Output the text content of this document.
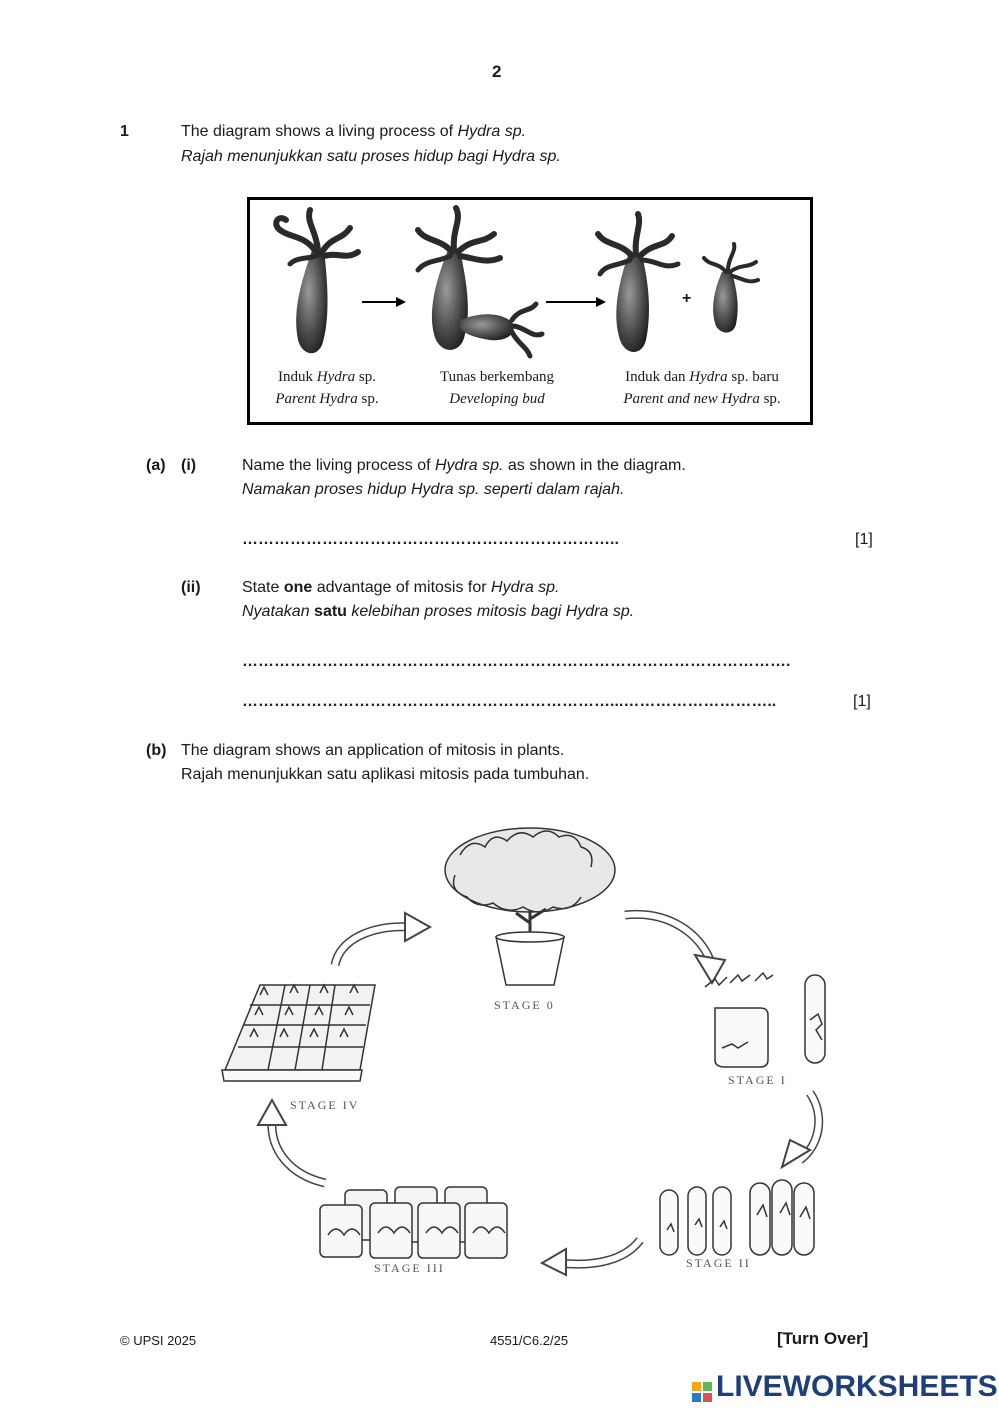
2
1	The diagram shows a living process of Hydra sp.
Rajah menunjukkan satu proses hidup bagi Hydra sp.
+
Induk Hydra sp.
Parent Hydra sp.
Tunas berkembang
Developing bud
Induk dan Hydra sp. baru
Parent and new Hydra sp.
(a) (i)	Name the living process of Hydra sp. as shown in the diagram.
Namakan proses hidup Hydra sp. seperti dalam rajah.
……………………………………………………………..	[1]
(ii)	State one advantage of mitosis for Hydra sp.
Nyatakan satu kelebihan proses mitosis bagi Hydra sp.
………………………………………………………………………………………….
……………………………………………………………...………………………..	[1]
(b) The diagram shows an application of mitosis in plants.
Rajah menunjukkan satu aplikasi mitosis pada tumbuhan.
STAGE 0
STAGE I
STAGE II
STAGE III
STAGE IV
© UPSI 2025	4551/C6.2/25	[Turn Over]
LIVEWORKSHEETS
